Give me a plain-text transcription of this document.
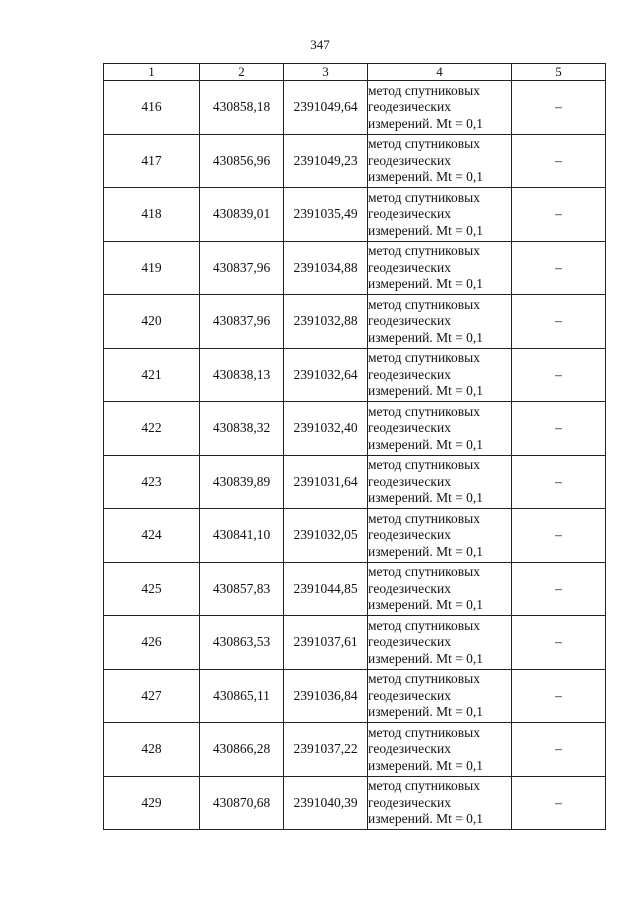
347
1	2	3	4	5
416	430858,18	2391049,64	метод спутниковых
геодезических
измерений. Mt = 0,1	–
417	430856,96	2391049,23	метод спутниковых
геодезических
измерений. Mt = 0,1	–
418	430839,01	2391035,49	метод спутниковых
геодезических
измерений. Mt = 0,1	–
419	430837,96	2391034,88	метод спутниковых
геодезических
измерений. Mt = 0,1	–
420	430837,96	2391032,88	метод спутниковых
геодезических
измерений. Mt = 0,1	–
421	430838,13	2391032,64	метод спутниковых
геодезических
измерений. Mt = 0,1	–
422	430838,32	2391032,40	метод спутниковых
геодезических
измерений. Mt = 0,1	–
423	430839,89	2391031,64	метод спутниковых
геодезических
измерений. Mt = 0,1	–
424	430841,10	2391032,05	метод спутниковых
геодезических
измерений. Mt = 0,1	–
425	430857,83	2391044,85	метод спутниковых
геодезических
измерений. Mt = 0,1	–
426	430863,53	2391037,61	метод спутниковых
геодезических
измерений. Mt = 0,1	–
427	430865,11	2391036,84	метод спутниковых
геодезических
измерений. Mt = 0,1	–
428	430866,28	2391037,22	метод спутниковых
геодезических
измерений. Mt = 0,1	–
429	430870,68	2391040,39	метод спутниковых
геодезических
измерений. Mt = 0,1	–
